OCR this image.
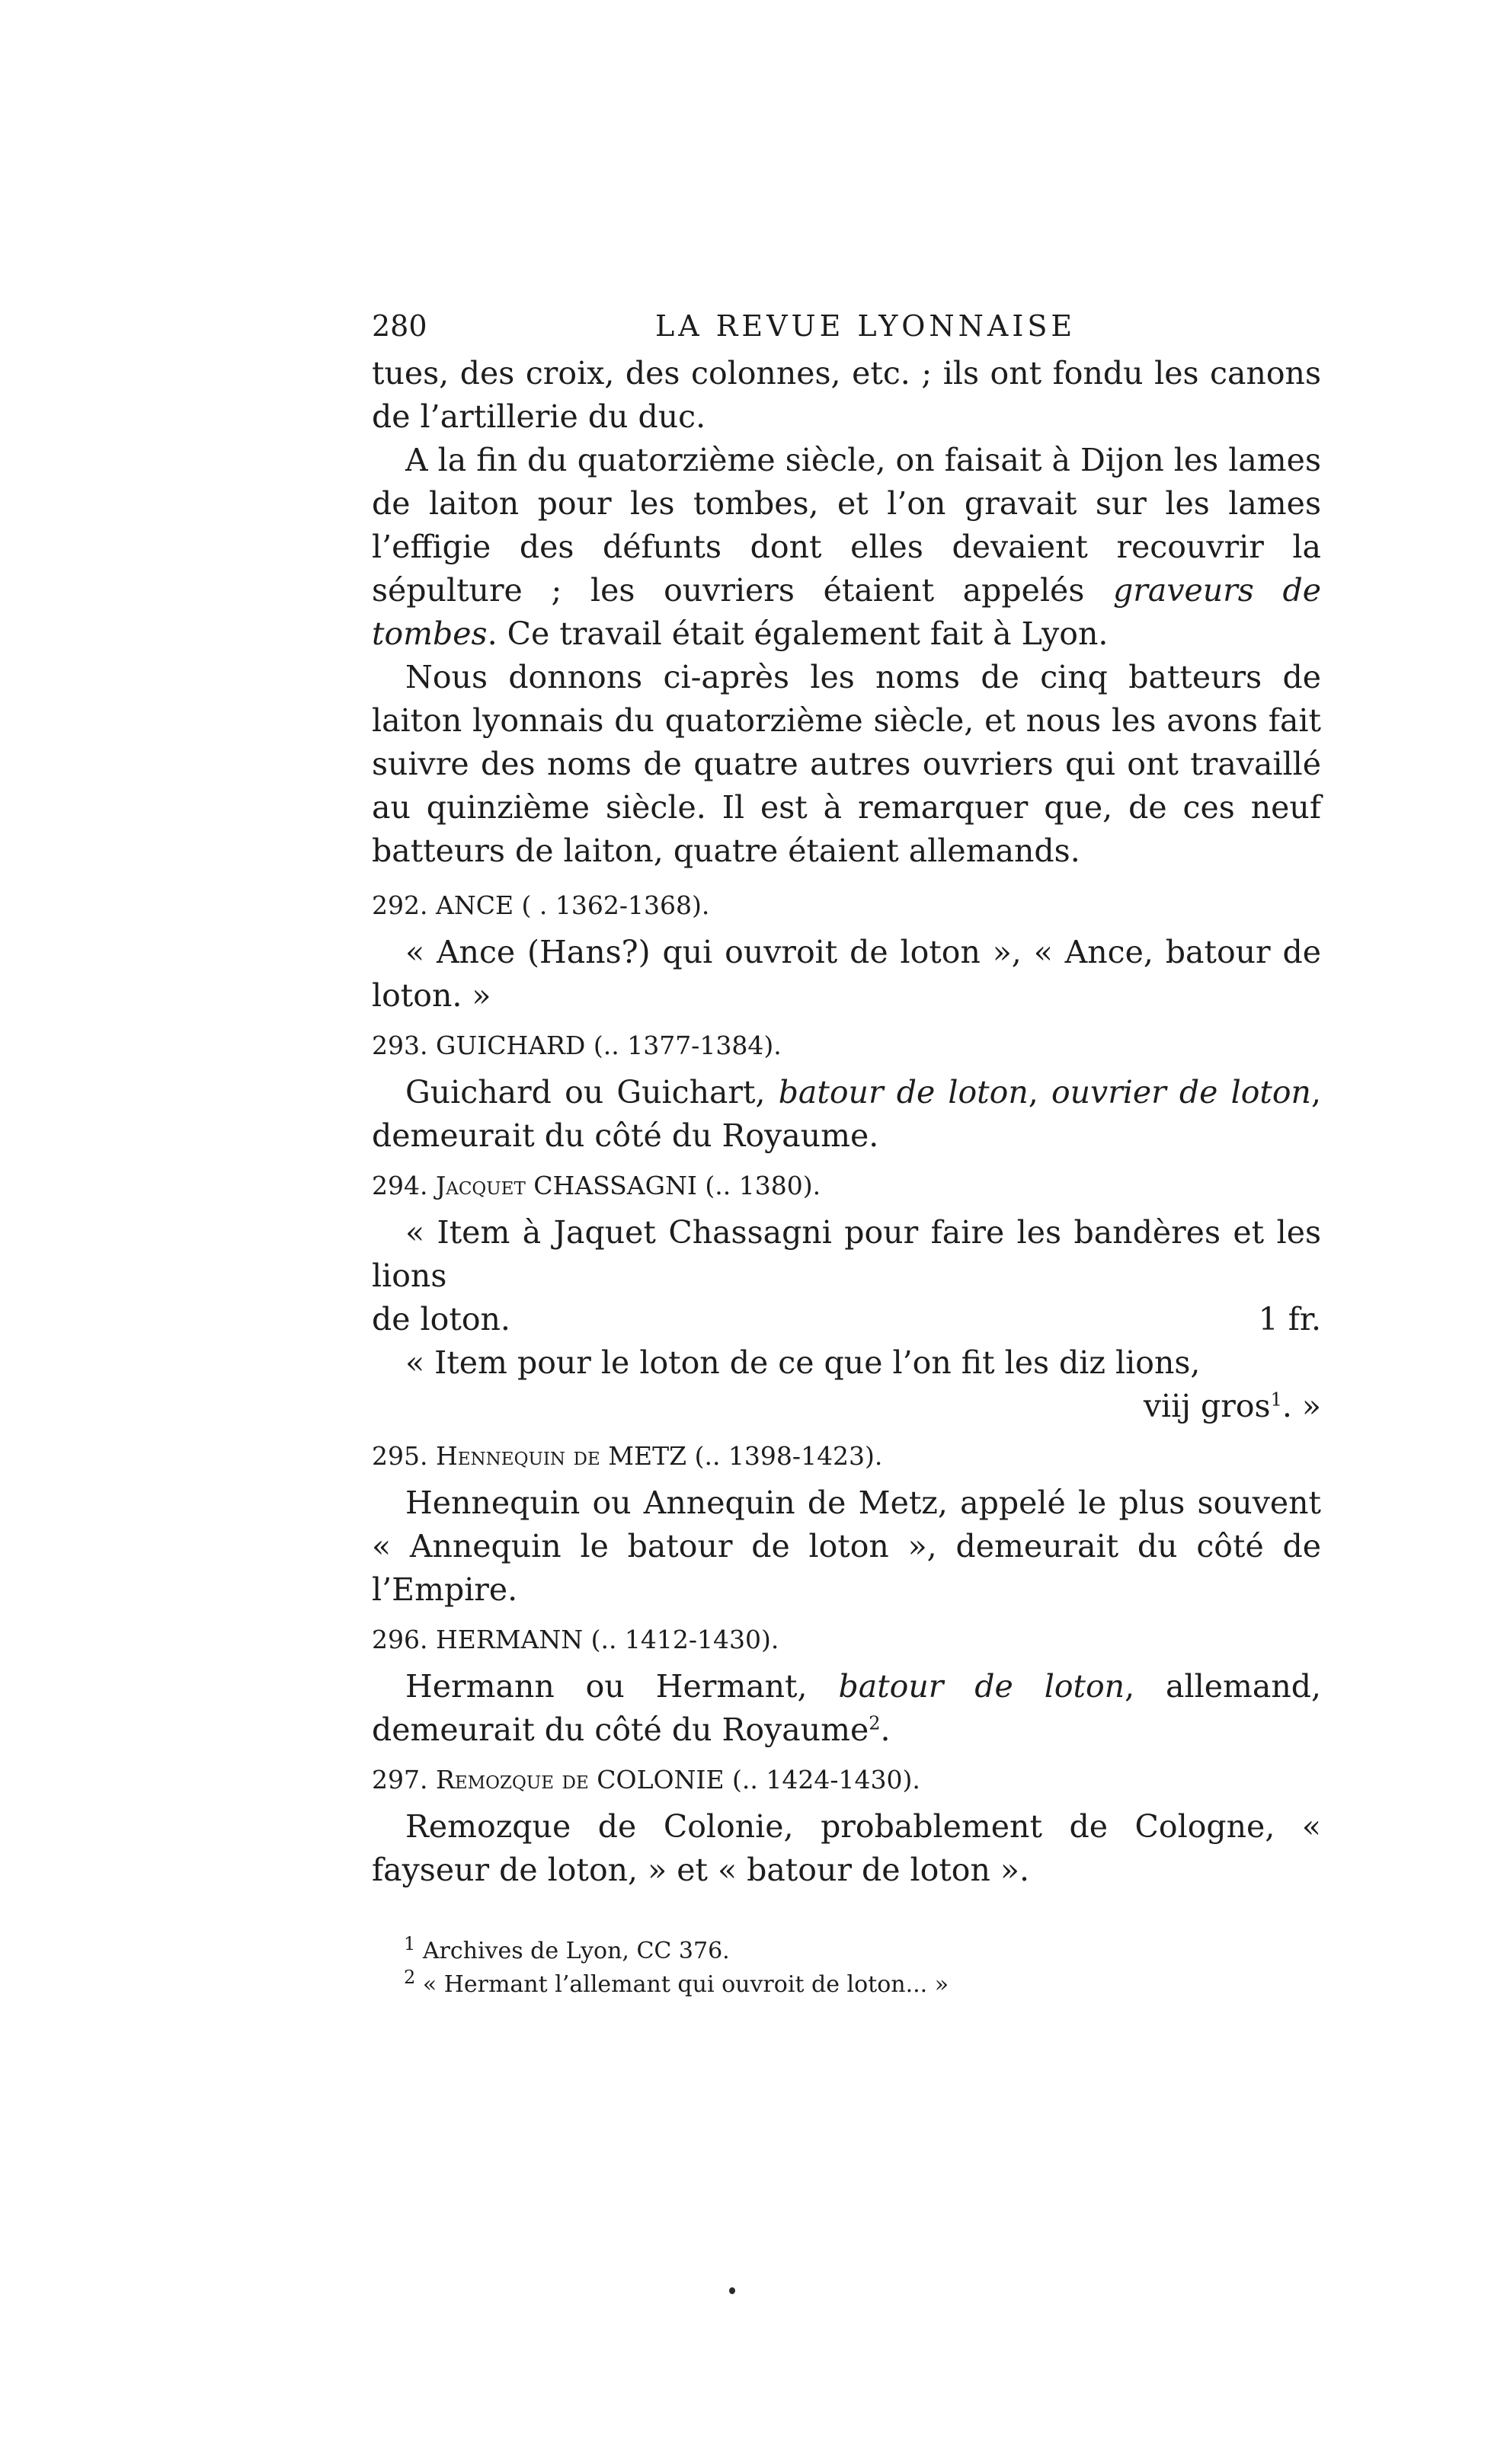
280	LA REVUE LYONNAISE

tues, des croix, des colonnes, etc. ; ils ont fondu les canons de l’artillerie du duc.

A la fin du quatorzième siècle, on faisait à Dijon les lames de laiton pour les tombes, et l’on gravait sur les lames l’effigie des défunts dont elles devaient recouvrir la sépulture ; les ouvriers étaient appelés graveurs de tombes. Ce travail était également fait à Lyon.

Nous donnons ci-après les noms de cinq batteurs de laiton lyonnais du quatorzième siècle, et nous les avons fait suivre des noms de quatre autres ouvriers qui ont travaillé au quinzième siècle. Il est à remarquer que, de ces neuf batteurs de laiton, quatre étaient allemands.

292. ANCE ( . 1362-1368).

« Ance (Hans?) qui ouvroit de loton », « Ance, batour de loton. »

293. GUICHARD (.. 1377-1384).

Guichard ou Guichart, batour de loton, ouvrier de loton, demeurait du côté du Royaume.

294. Jacquet CHASSAGNI (.. 1380).

« Item à Jaquet Chassagni pour faire les bandères et les lions

de loton.	1 fr.

« Item pour le loton de ce que l’on fit les diz lions,

viij gros$^1$. »

295. Hennequin de METZ (.. 1398-1423).

Hennequin ou Annequin de Metz, appelé le plus souvent « Annequin le batour de loton », demeurait du côté de l’Empire.

296. HERMANN (.. 1412-1430).

Hermann ou Hermant, batour de loton, allemand, demeurait du côté du Royaume$^2$.

297. Remozque de COLONIE (.. 1424-1430).

Remozque de Colonie, probablement de Cologne, « fayseur de loton, » et « batour de loton ».

$^1$ Archives de Lyon, CC 376.

$^2$ « Hermant l’allemant qui ouvroit de loton... »
